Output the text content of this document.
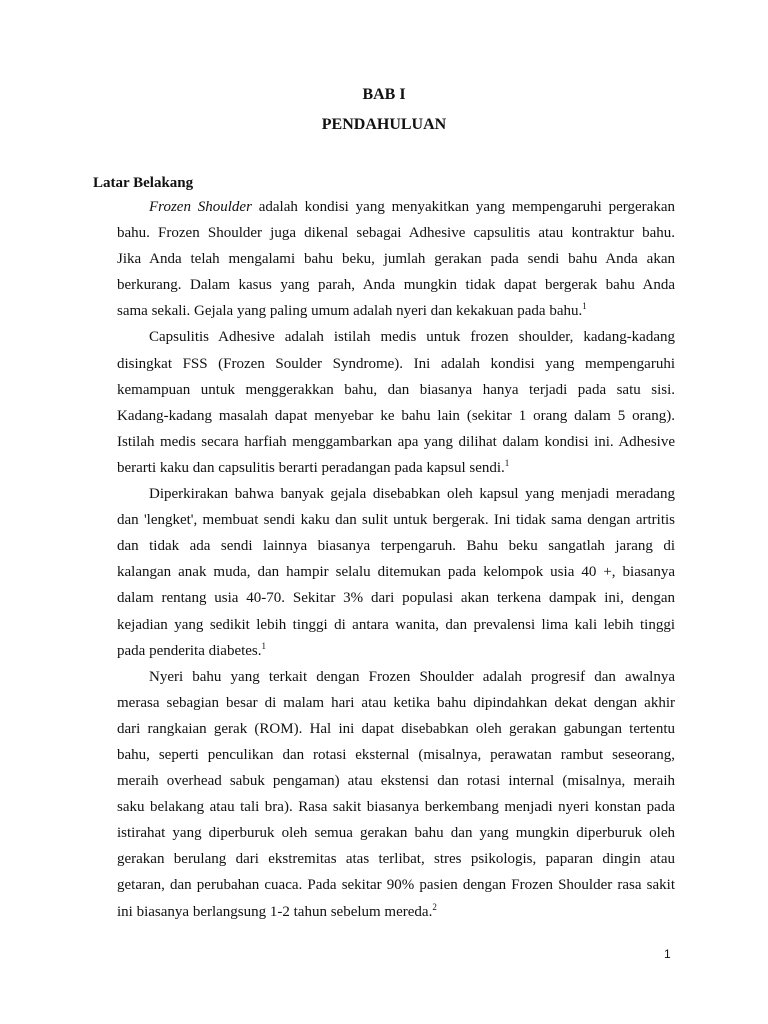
BAB I
PENDAHULUAN
Latar Belakang

Frozen Shoulder adalah kondisi yang menyakitkan yang mempengaruhi pergerakan
bahu. Frozen Shoulder juga dikenal sebagai Adhesive capsulitis atau kontraktur bahu.
Jika Anda telah mengalami bahu beku, jumlah gerakan pada sendi bahu Anda akan
berkurang. Dalam kasus yang parah, Anda mungkin tidak dapat bergerak bahu Anda
sama sekali. Gejala yang paling umum adalah nyeri dan kekakuan pada bahu.$^1$

Capsulitis Adhesive adalah istilah medis untuk frozen shoulder, kadang-kadang
disingkat FSS (Frozen Soulder Syndrome). Ini adalah kondisi yang mempengaruhi
kemampuan untuk menggerakkan bahu, dan biasanya hanya terjadi pada satu sisi.
Kadang-kadang masalah dapat menyebar ke bahu lain (sekitar 1 orang dalam 5 orang).
Istilah medis secara harfiah menggambarkan apa yang dilihat dalam kondisi ini. Adhesive
berarti kaku dan capsulitis berarti peradangan pada kapsul sendi.$^1$

Diperkirakan bahwa banyak gejala disebabkan oleh kapsul yang menjadi meradang
dan 'lengket', membuat sendi kaku dan sulit untuk bergerak. Ini tidak sama dengan artritis
dan tidak ada sendi lainnya biasanya terpengaruh. Bahu beku sangatlah jarang di
kalangan anak muda, dan hampir selalu ditemukan pada kelompok usia 40 +, biasanya
dalam rentang usia 40-70. Sekitar 3% dari populasi akan terkena dampak ini, dengan
kejadian yang sedikit lebih tinggi di antara wanita, dan prevalensi lima kali lebih tinggi
pada penderita diabetes.$^1$

Nyeri bahu yang terkait dengan Frozen Shoulder adalah progresif dan awalnya
merasa sebagian besar di malam hari atau ketika bahu dipindahkan dekat dengan akhir
dari rangkaian gerak (ROM). Hal ini dapat disebabkan oleh gerakan gabungan tertentu
bahu, seperti penculikan dan rotasi eksternal (misalnya, perawatan rambut seseorang,
meraih overhead sabuk pengaman) atau ekstensi dan rotasi internal (misalnya, meraih
saku belakang atau tali bra). Rasa sakit biasanya berkembang menjadi nyeri konstan pada
istirahat yang diperburuk oleh semua gerakan bahu dan yang mungkin diperburuk oleh
gerakan berulang dari ekstremitas atas terlibat, stres psikologis, paparan dingin atau
getaran, dan perubahan cuaca. Pada sekitar 90% pasien dengan Frozen Shoulder rasa sakit
ini biasanya berlangsung 1-2 tahun sebelum mereda.$^2$

1
